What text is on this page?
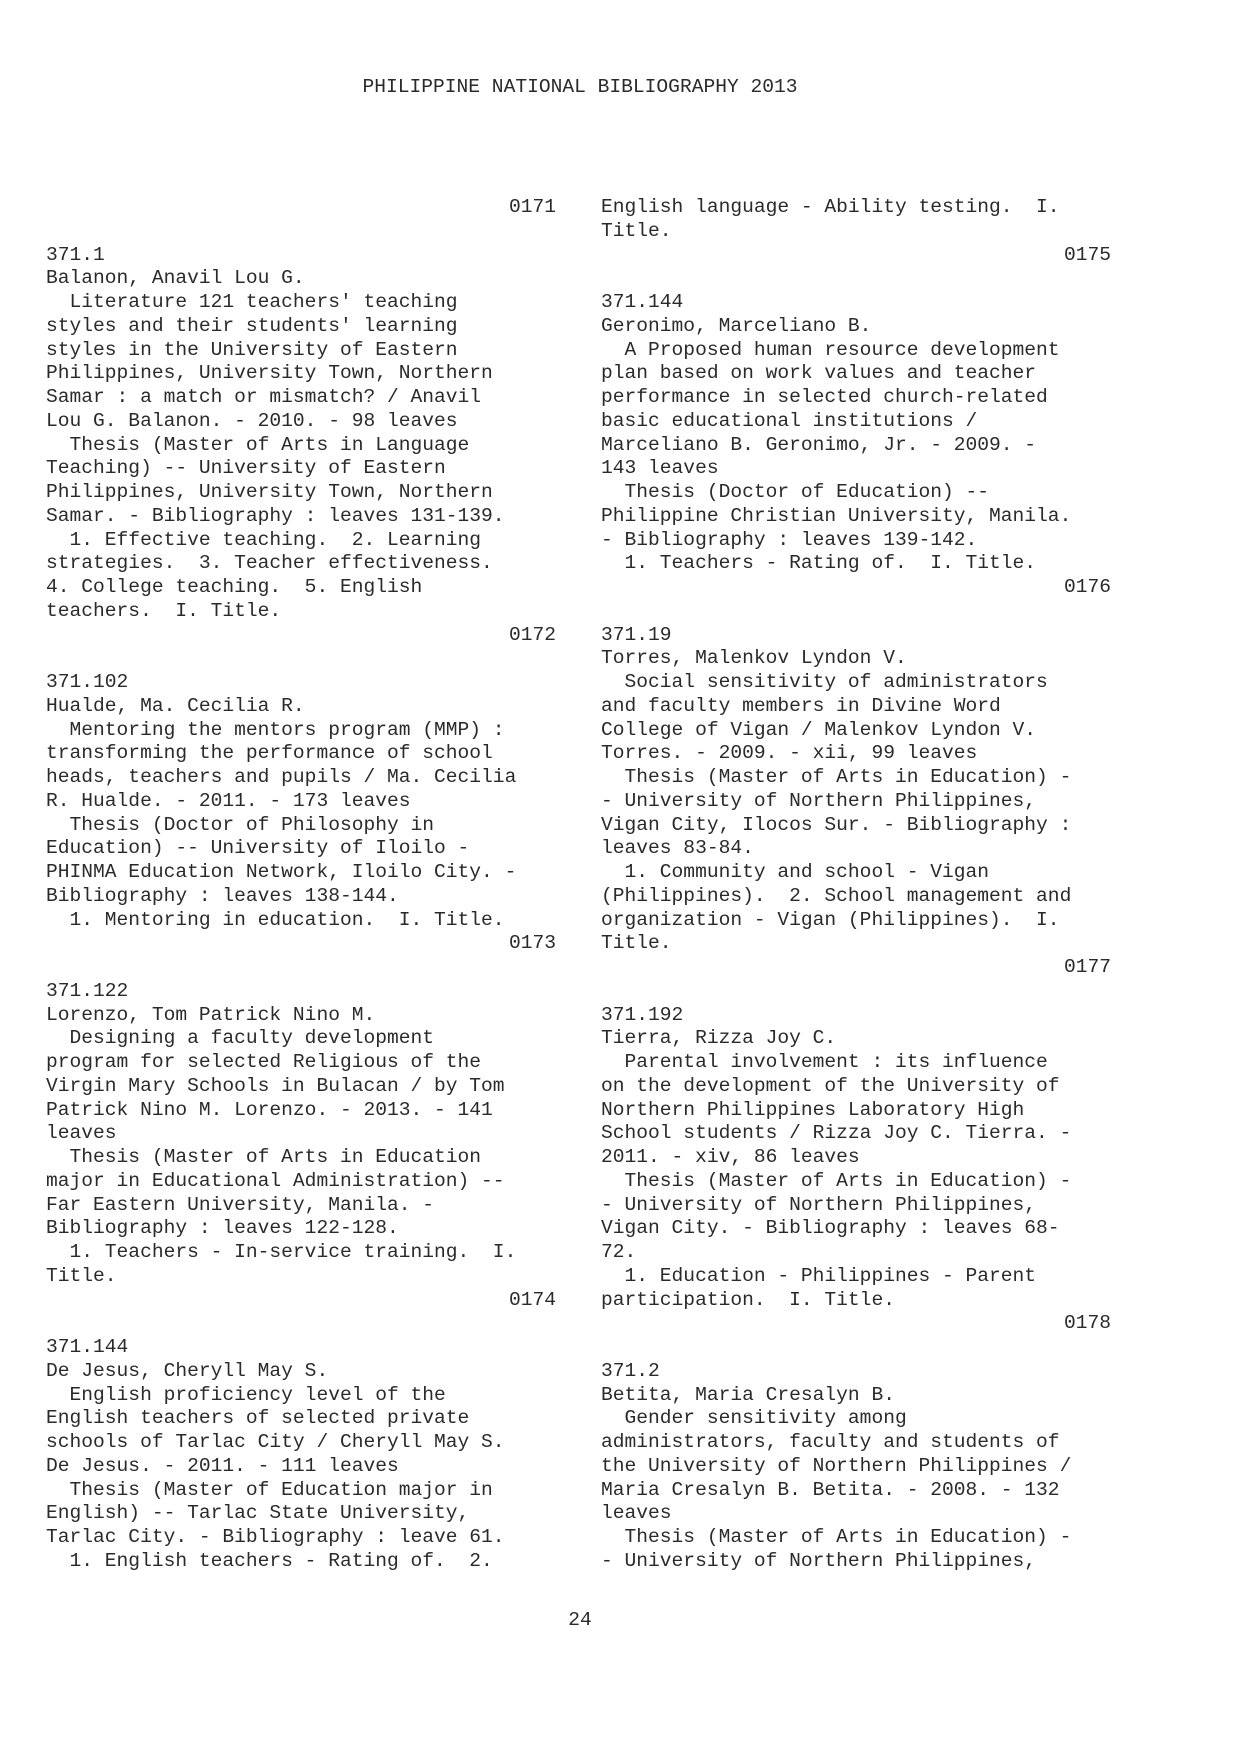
PHILIPPINE NATIONAL BIBLIOGRAPHY 2013
0171
371.1
Balanon, Anavil Lou G.
Literature 121 teachers' teaching
styles and their students' learning
styles in the University of Eastern
Philippines, University Town, Northern
Samar : a match or mismatch? / Anavil
Lou G. Balanon. - 2010. - 98 leaves
Thesis (Master of Arts in Language
Teaching) -- University of Eastern
Philippines, University Town, Northern
Samar. - Bibliography : leaves 131-139.
1. Effective teaching.  2. Learning
strategies.  3. Teacher effectiveness.
4. College teaching.  5. English
teachers.  I. Title.
0172
371.102
Hualde, Ma. Cecilia R.
Mentoring the mentors program (MMP) :
transforming the performance of school
heads, teachers and pupils / Ma. Cecilia
R. Hualde. - 2011. - 173 leaves
Thesis (Doctor of Philosophy in
Education) -- University of Iloilo -
PHINMA Education Network, Iloilo City. -
Bibliography : leaves 138-144.
1. Mentoring in education.  I. Title.
0173
371.122
Lorenzo, Tom Patrick Nino M.
Designing a faculty development
program for selected Religious of the
Virgin Mary Schools in Bulacan / by Tom
Patrick Nino M. Lorenzo. - 2013. - 141
leaves
Thesis (Master of Arts in Education
major in Educational Administration) --
Far Eastern University, Manila. -
Bibliography : leaves 122-128.
1. Teachers - In-service training.  I.
Title.
0174
371.144
De Jesus, Cheryll May S.
English proficiency level of the
English teachers of selected private
schools of Tarlac City / Cheryll May S.
De Jesus. - 2011. - 111 leaves
Thesis (Master of Education major in
English) -- Tarlac State University,
Tarlac City. - Bibliography : leave 61.
1. English teachers - Rating of.  2.
English language - Ability testing.  I.
Title.
0175
371.144
Geronimo, Marceliano B.
A Proposed human resource development
plan based on work values and teacher
performance in selected church-related
basic educational institutions /
Marceliano B. Geronimo, Jr. - 2009. -
143 leaves
Thesis (Doctor of Education) --
Philippine Christian University, Manila.
- Bibliography : leaves 139-142.
1. Teachers - Rating of.  I. Title.
0176
371.19
Torres, Malenkov Lyndon V.
Social sensitivity of administrators
and faculty members in Divine Word
College of Vigan / Malenkov Lyndon V.
Torres. - 2009. - xii, 99 leaves
Thesis (Master of Arts in Education) -
- University of Northern Philippines,
Vigan City, Ilocos Sur. - Bibliography :
leaves 83-84.
1. Community and school - Vigan
(Philippines).  2. School management and
organization - Vigan (Philippines).  I.
Title.
0177
371.192
Tierra, Rizza Joy C.
Parental involvement : its influence
on the development of the University of
Northern Philippines Laboratory High
School students / Rizza Joy C. Tierra. -
2011. - xiv, 86 leaves
Thesis (Master of Arts in Education) -
- University of Northern Philippines,
Vigan City. - Bibliography : leaves 68-
72.
1. Education - Philippines - Parent
participation.  I. Title.
0178
371.2
Betita, Maria Cresalyn B.
Gender sensitivity among
administrators, faculty and students of
the University of Northern Philippines /
Maria Cresalyn B. Betita. - 2008. - 132
leaves
Thesis (Master of Arts in Education) -
- University of Northern Philippines,
24
